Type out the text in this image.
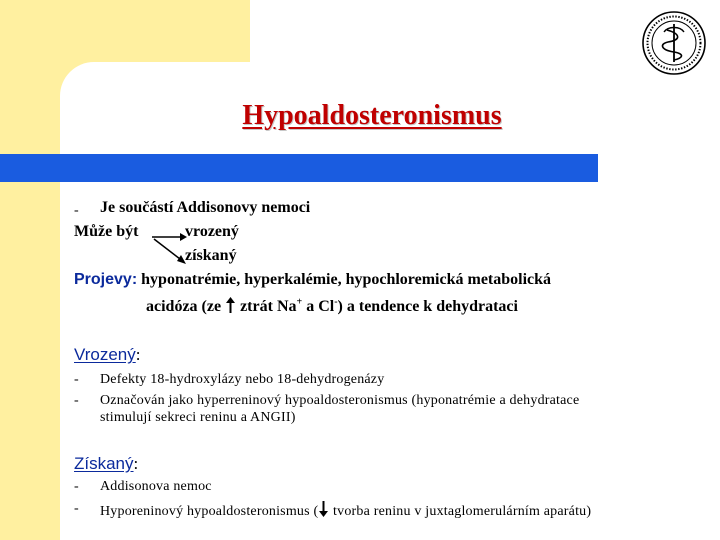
Hypoaldosteronismus
- Je součástí Addisonovy nemoci
Může být	vrozený
získaný
Projevy: hyponatrémie, hyperkalémie, hypochloremická metabolická
acidóza (ze ztrát Na+ a Cl-) a tendence k dehydrataci
Vrozený:
- Defekty 18-hydroxylázy nebo 18-dehydrogenázy
- Označován jako hyperreninový hypoaldosteronismus (hyponatrémie a dehydratace
stimulují sekreci reninu a ANGII)
Získaný:
- Addisonova nemoc
- Hyporeninový hypoaldosteronismus ( tvorba reninu v juxtaglomerulárním aparátu)
